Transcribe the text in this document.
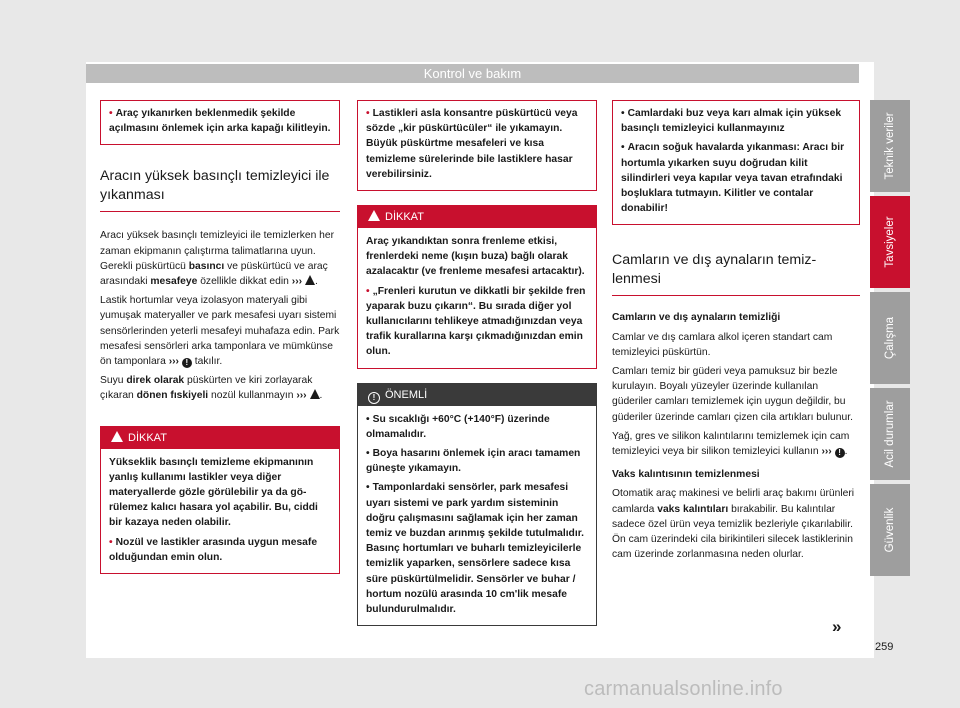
Kontrol ve bakım
• Araç yıkanırken beklenmedik şekilde açılmasını önlemek için arka kapağı kilitleyin.
Aracın yüksek basınçlı temizleyici ile yıkanması

Aracı yüksek basınçlı temizleyici ile temizlerken her zaman ekipmanın çalıştırma talimatlarına uyun. Gerekli püskürtücü basıncı ve püskürtücü ve araç arasındaki mesafeye özellikle dikkat edin ››› .

Lastik hortumlar veya izolasyon materyali gibi yumuşak materyaller ve park mesafesi uyarı sistemi sensörlerinden yeterli mesafeyi muhafaza edin. Park mesafesi sensörleri arka tamponlara ve mümkünse ön tamponlara ››› ! takılır.

Suyu direk olarak püskürten ve kiri zorlayarak çıkaran dönen fıskiyeli nozül kullanmayın ››› .

DİKKAT
Yükseklik basınçlı temizleme ekipmanının yanlış kullanımı lastikler veya diğer materyallerde gözle görülebilir ya da görülemez kalıcı hasara yol açabilir. Bu, ciddi bir kazaya neden olabilir.
• Nozül ve lastikler arasında uygun mesafe olduğundan emin olun.
• Lastikleri asla konsantre püskürtücü veya sözde „kir püskürtücüler“ ile yıkamayın. Büyük püskürtme mesafeleri ve kısa temizleme sürelerinde bile lastiklere hasar verebilirsiniz.
DİKKAT
Araç yıkandıktan sonra frenleme etkisi, frenlerdeki neme (kışın buza) bağlı olarak azalacaktır (ve frenleme mesafesi artacaktır).
• „Frenleri kurutun ve dikkatli bir şekilde fren yaparak buzu çıkarın“. Bu sırada diğer yol kullanıcılarını tehlikeye atmadığınızdan veya trafik kurallarına karşı çıkmadığınızdan emin olun.
! ÖNEMLİ
• Su sıcaklığı +60°C (+140°F) üzerinde olmamalıdır.
• Boya hasarını önlemek için aracı tamamen güneşte yıkamayın.
• Tamponlardaki sensörler, park mesafesi uyarı sistemi ve park yardım sisteminin doğru çalışmasını sağlamak için her zaman temiz ve buzdan arınmış şekilde tutulmalıdır. Basınç hortumları ve buharlı temizleyicilerle temizlik yaparken, sensörlere sadece kısa süre püskürtülmelidir. Sensörler ve buhar / hortum nozülü arasında 10 cm'lik mesafe bulundurulmalıdır.
• Camlardaki buz veya karı almak için yüksek basınçlı temizleyici kullanmayınız
• Aracın soğuk havalarda yıkanması: Aracı bir hortumla yıkarken suyu doğrudan kilit silindirleri veya kapılar veya tavan etrafındaki boşluklara tutmayın. Kilitler ve contalar donabilir!
Camların ve dış aynaların temizlenmesi
Camların ve dış aynaların temizliği

Camlar ve dış camlara alkol içeren standart cam temizleyici püskürtün.

Camları temiz bir güderi veya pamuksuz bir bezle kurulayın. Boyalı yüzeyler üzerinde kullanılan güderiler camları temizlemek için uygun değildir, bu güderiler üzerinde camları çizen cila artıkları bulunur.

Yağ, gres ve silikon kalıntılarını temizlemek için cam temizleyici veya bir silikon temizleyici kullanın ››› ! .

Vaks kalıntısının temizlenmesi

Otomatik araç makinesi ve belirli araç bakımı ürünleri camlarda vaks kalıntıları bırakabilir. Bu kalıntılar sadece özel ürün veya temizlik bezleriyle çıkarılabilir. Ön cam üzerindeki cila birikintileri silecek lastiklerinin cam üzerinde zorlanmasına neden olurlar.

»
Teknik veriler
Tavsiyeler
Çalışma
Acil durumlar
Güvenlik
259
carmanualsonline.info
